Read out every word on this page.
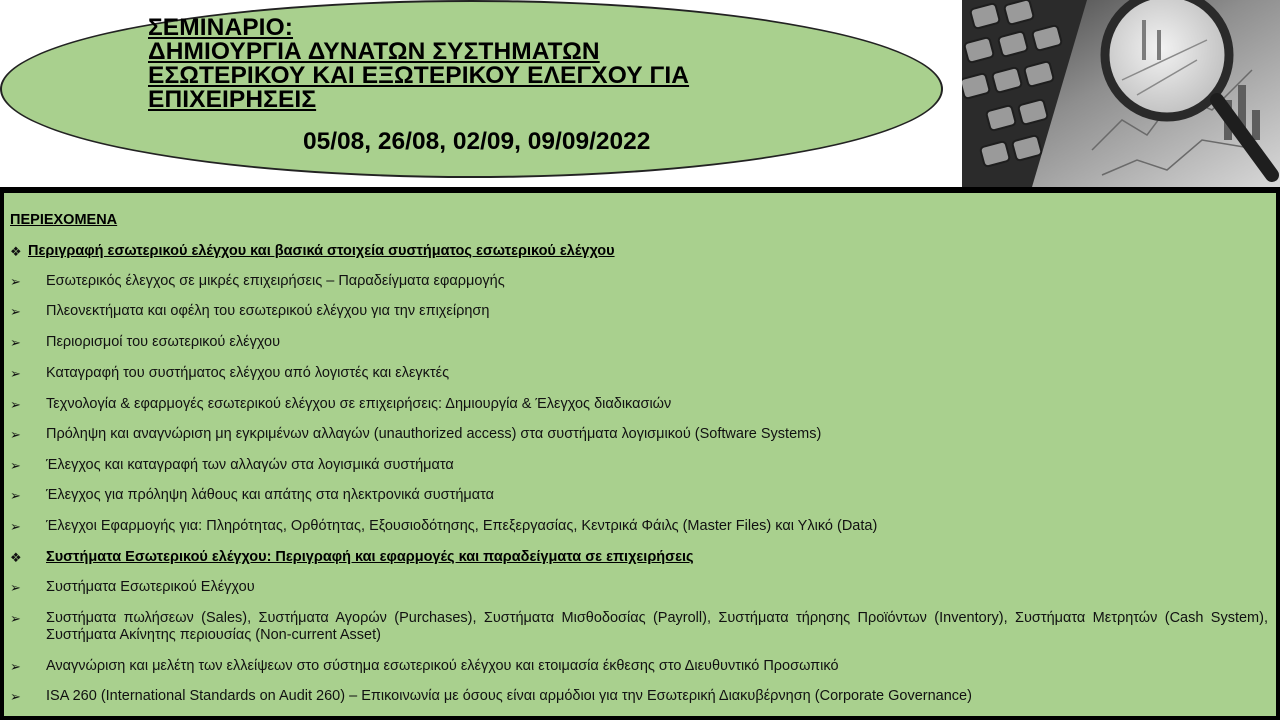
ΣΕΜΙΝΑΡΙΟ:
ΔΗΜΙΟΥΡΓΙΑ ΔΥΝΑΤΩΝ ΣΥΣΤΗΜΑΤΩΝ
ΕΣΩΤΕΡΙΚΟΥ ΚΑΙ ΕΞΩΤΕΡΙΚΟΥ ΕΛΕΓΧΟΥ ΓΙΑ
ΕΠΙΧΕΙΡΗΣΕΙΣ

05/08, 26/08, 02/09, 09/09/2022

ΠΕΡΙΕΧΟΜΕΝΑ
❖ Περιγραφή εσωτερικού ελέγχου και βασικά στοιχεία συστήματος εσωτερικού ελέγχου
➢ Εσωτερικός έλεγχος σε μικρές επιχειρήσεις – Παραδείγματα εφαρμογής
➢ Πλεονεκτήματα και οφέλη του εσωτερικού ελέγχου για την επιχείρηση
➢ Περιορισμοί του εσωτερικού ελέγχου
➢ Καταγραφή του συστήματος ελέγχου από λογιστές και ελεγκτές
➢ Τεχνολογία & εφαρμογές εσωτερικού ελέγχου σε επιχειρήσεις: Δημιουργία & Έλεγχος διαδικασιών
➢ Πρόληψη και αναγνώριση μη εγκριμένων αλλαγών (unauthorized access) στα συστήματα λογισμικού (Software Systems)
➢ Έλεγχος και καταγραφή των αλλαγών στα λογισμικά συστήματα
➢ Έλεγχος για πρόληψη λάθους και απάτης στα ηλεκτρονικά συστήματα
➢ Έλεγχοι Εφαρμογής για: Πληρότητας, Ορθότητας, Εξουσιοδότησης, Επεξεργασίας, Κεντρικά Φάιλς (Master Files) και Υλικό (Data)
❖ Συστήματα Εσωτερικού ελέγχου: Περιγραφή και εφαρμογές και παραδείγματα σε επιχειρήσεις
➢ Συστήματα Εσωτερικού Ελέγχου
➢ Συστήματα πωλήσεων (Sales), Συστήματα Αγορών (Purchases), Συστήματα Μισθοδοσίας (Payroll), Συστήματα τήρησης Προϊόντων (Inventory), Συστήματα Μετρητών (Cash System), Συστήματα Ακίνητης περιουσίας (Non-current Asset)
➢ Αναγνώριση και μελέτη των ελλείψεων στο σύστημα εσωτερικού ελέγχου και ετοιμασία έκθεσης στο Διευθυντικό Προσωπικό
➢ ISA 260 (International Standards on Audit 260) – Επικοινωνία με όσους είναι αρμόδιοι για την Εσωτερική Διακυβέρνηση (Corporate Governance)
